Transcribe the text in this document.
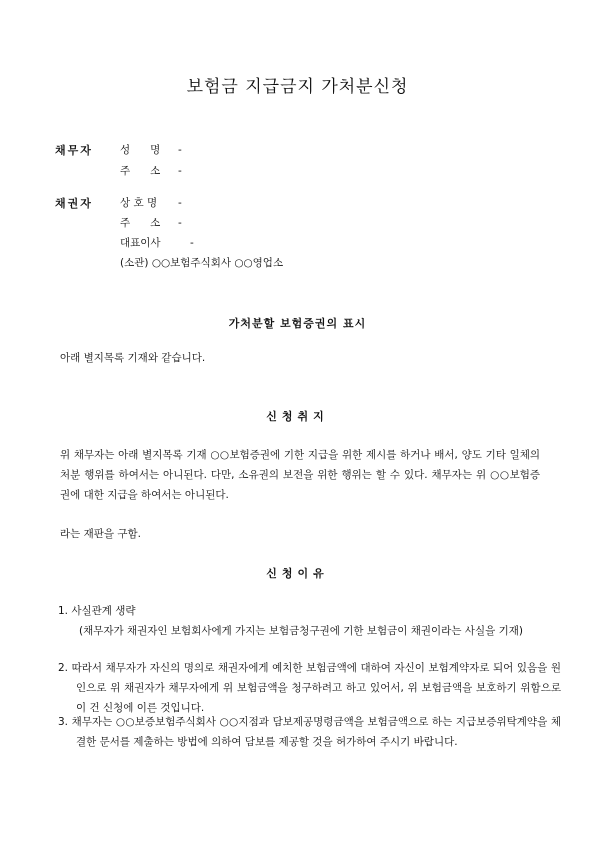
보험금 지급금지 가처분신청
채무자	성      명 -
주      소 -
채권자	상 호 명 -
주      소 -
대표이사	-
(소관) ○○보험주식회사 ○○영업소
가처분할 보험증권의 표시
아래 별지목록 기재와 같습니다.
신청취지
위 채무자는 아래 별지목록 기재 ○○보험증권에 기한 지급을 위한 제시를 하거나 배서, 양도 기타 일체의 처분 행위를 하여서는 아니된다. 다만, 소유권의 보전을 위한 행위는 할 수 있다. 채무자는 위 ○○보험증권에 대한 지급을 하여서는 아니된다.
라는 재판을 구함.
신청이유
1. 사실관계 생략
(채무자가 채권자인 보험회사에게 가지는 보험금청구권에 기한 보험금이 채권이라는 사실을 기재)
2. 따라서 채무자가 자신의 명의로 채권자에게 예치한 보험금액에 대하여 자신이 보험계약자로 되어 있음을 원인으로 위 채권자가 채무자에게 위 보험금액을 청구하려고 하고 있어서, 위 보험금액을 보호하기 위함으로 이 건 신청에 이른 것입니다.
3. 채무자는 ○○보증보험주식회사 ○○지점과 담보제공명령금액을 보험금액으로 하는 지급보증위탁계약을 체결한 문서를 제출하는 방법에 의하여 담보를 제공할 것을 허가하여 주시기 바랍니다.
